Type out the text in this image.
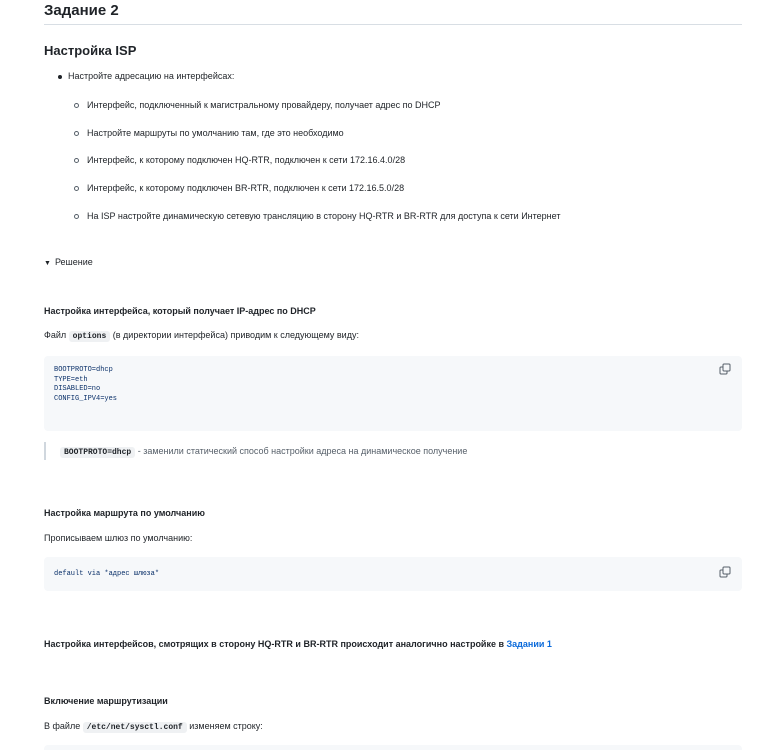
Задание 2
Настройка ISP
Настройте адресацию на интерфейсах:
Интерфейс, подключенный к магистральному провайдеру, получает адрес по DHCP
Настройте маршруты по умолчанию там, где это необходимо
Интерфейс, к которому подключен HQ-RTR, подключен к сети 172.16.4.0/28
Интерфейс, к которому подключен BR-RTR, подключен к сети 172.16.5.0/28
На ISP настройте динамическую сетевую трансляцию в сторону HQ-RTR и BR-RTR для доступа к сети Интернет
▼ Решение
Настройка интерфейса, который получает IP-адрес по DHCP
Файл options (в директории интерфейса) приводим к следующему виду:
BOOTPROTO=dhcp
TYPE=eth
DISABLED=no
CONFIG_IPV4=yes
BOOTPROTO=dhcp - заменили статический способ настройки адреса на динамическое получение
Настройка маршрута по умолчанию
Прописываем шлюз по умолчанию:
default via *адрес шлюза*
Настройка интерфейсов, смотрящих в сторону HQ-RTR и BR-RTR происходит аналогично настройке в Задании 1
Включение маршрутизации
В файле /etc/net/sysctl.conf изменяем строку:
